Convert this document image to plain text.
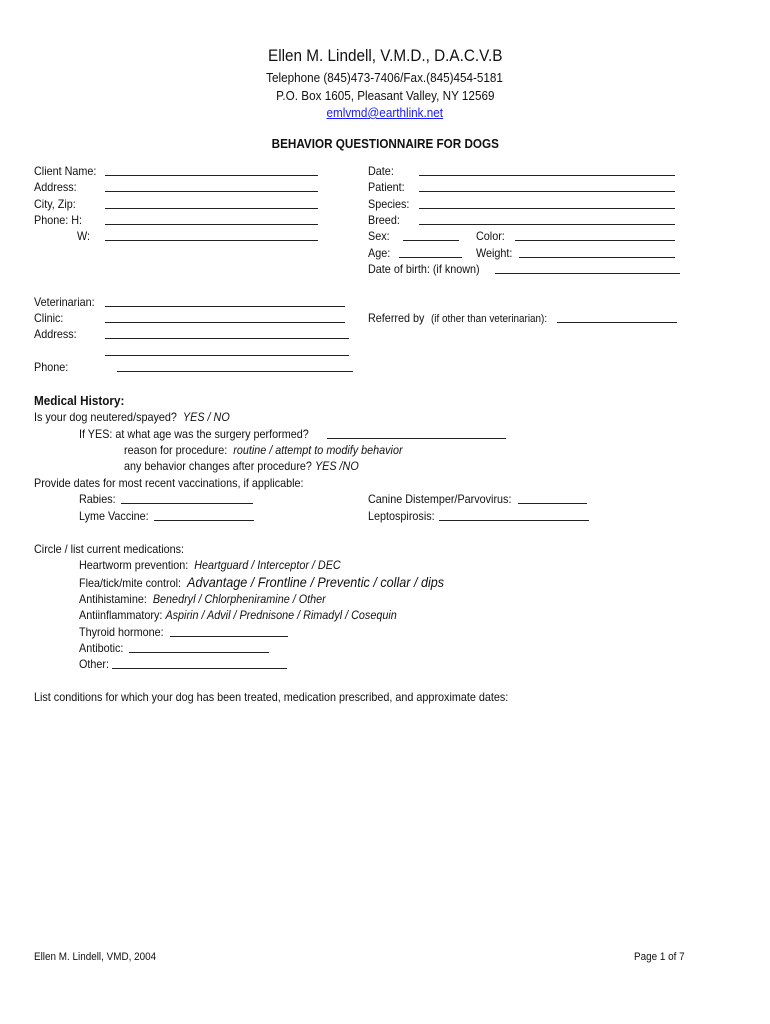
Ellen M. Lindell, V.M.D., D.A.C.V.B
Telephone (845)473-7406/Fax.(845)454-5181
P.O. Box 1605, Pleasant Valley, NY 12569
emlvmd@earthlink.net
BEHAVIOR QUESTIONNAIRE FOR DOGS
Client Name:
Address:
City, Zip:
Phone: H:
W:
Date:
Patient:
Species:
Breed:
Sex:	Color:
Age:	Weight:
Date of birth: (if known)
Veterinarian:
Clinic:
Address:
Phone:
Referred by (if other than veterinarian):
Medical History:
Is your dog neutered/spayed? YES / NO
If YES: at what age was the surgery performed?
reason for procedure: routine / attempt to modify behavior
any behavior changes after procedure? YES /NO
Provide dates for most recent vaccinations, if applicable:
Rabies:
Lyme Vaccine:
Canine Distemper/Parvovirus:
Leptospirosis:
Circle / list current medications:
Heartworm prevention: Heartguard / Interceptor / DEC
Flea/tick/mite control: Advantage / Frontline / Preventic / collar / dips
Antihistamine: Benedryl / Chlorpheniramine / Other
Antiinflammatory: Aspirin / Advil / Prednisone / Rimadyl / Cosequin
Thyroid hormone:
Antibotic:
Other:
List conditions for which your dog has been treated, medication prescribed, and approximate dates:
Ellen M. Lindell, VMD, 2004	Page 1 of 7
